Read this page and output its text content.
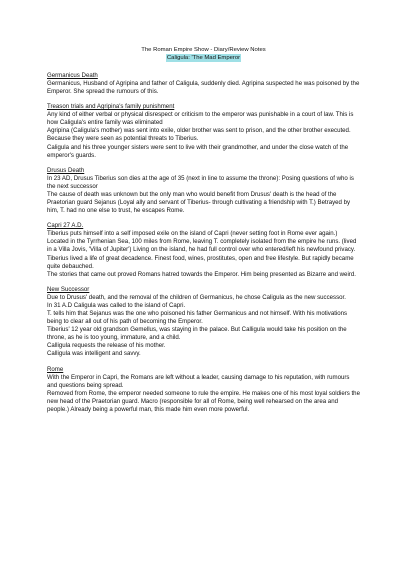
The Roman Empire Show - Diary/Review Notes
Caligula: 'The Mad Emperor
Germanicus Death

Germanicus, Husband of Agripina and father of Caligula, suddenly died. Agripina suspected he was poisoned by the Emperor. She spread the rumours of this.

Treason trials and Agripina's family punishment

Any kind of either verbal or physical disrespect or criticism to the emperor was punishable in a court of law. This is how Caligula's entire family was eliminated

Agripina (Caligula's mother) was sent into exile, older brother was sent to prison, and the other brother executed. Because they were seen as potential threats to Tiberius.

Caligula and his three younger sisters were sent to live with their grandmother, and under the close watch of the emperor's guards.

Drusus Death

In 23 AD, Drusus Tiberius son dies at the age of 35 (next in line to assume the throne): Posing questions of who is the next successor

The cause of death was unknown but the only man who would benefit from Drusus' death is the head of the Praetorian guard Sejanus (Loyal ally and servant of Tiberius- through cultivating a friendship with T.) Betrayed by him, T. had no one else to trust, he escapes Rome.

Capri 27 A.D.

Tiberius puts himself into a self imposed exile on the island of Capri (never setting foot in Rome ever again.)

Located in the Tyrrhenian Sea, 100 miles from Rome, leaving T. completely isolated from the empire he runs. (lived in a Villa Jovis, 'Villa of Jupiter') Living on the island, he had full control over who entered/left his newfound privacy.

Tiberius lived a life of great decadence. Finest food, wines, prostitutes, open and free lifestyle. But rapidly became quite debauched.

The stories that came out proved Romans hatred towards the Emperor. Him being presented as Bizarre and weird.

New Successor

Due to Drusus' death, and the removal of the children of Germanicus, he chose Caligula as the new successor.

In 31 A.D Caligula was called to the island of Capri.

T. tells him that Sejanus was the one who poisoned his father Germanicus and not himself. With his motivations being to clear all out of his path of becoming the Emperor.

Tiberius' 12 year old grandson Gemellus, was staying in the palace. But Calligula would take his position on the throne, as he is too young, immature, and a child.

Calligula requests the release of his mother.

Calligula was intelligent and savvy.

Rome

With the Emperor in Capri, the Romans are left without a leader, causing damage to his reputation, with rumours and questions being spread.

Removed from Rome, the emperor needed someone to rule the empire. He makes one of his most loyal soldiers the new head of the Praetorian guard. Macro (responsible for all of Rome, being well rehearsed on the area and people.) Already being a powerful man, this made him even more powerful.
